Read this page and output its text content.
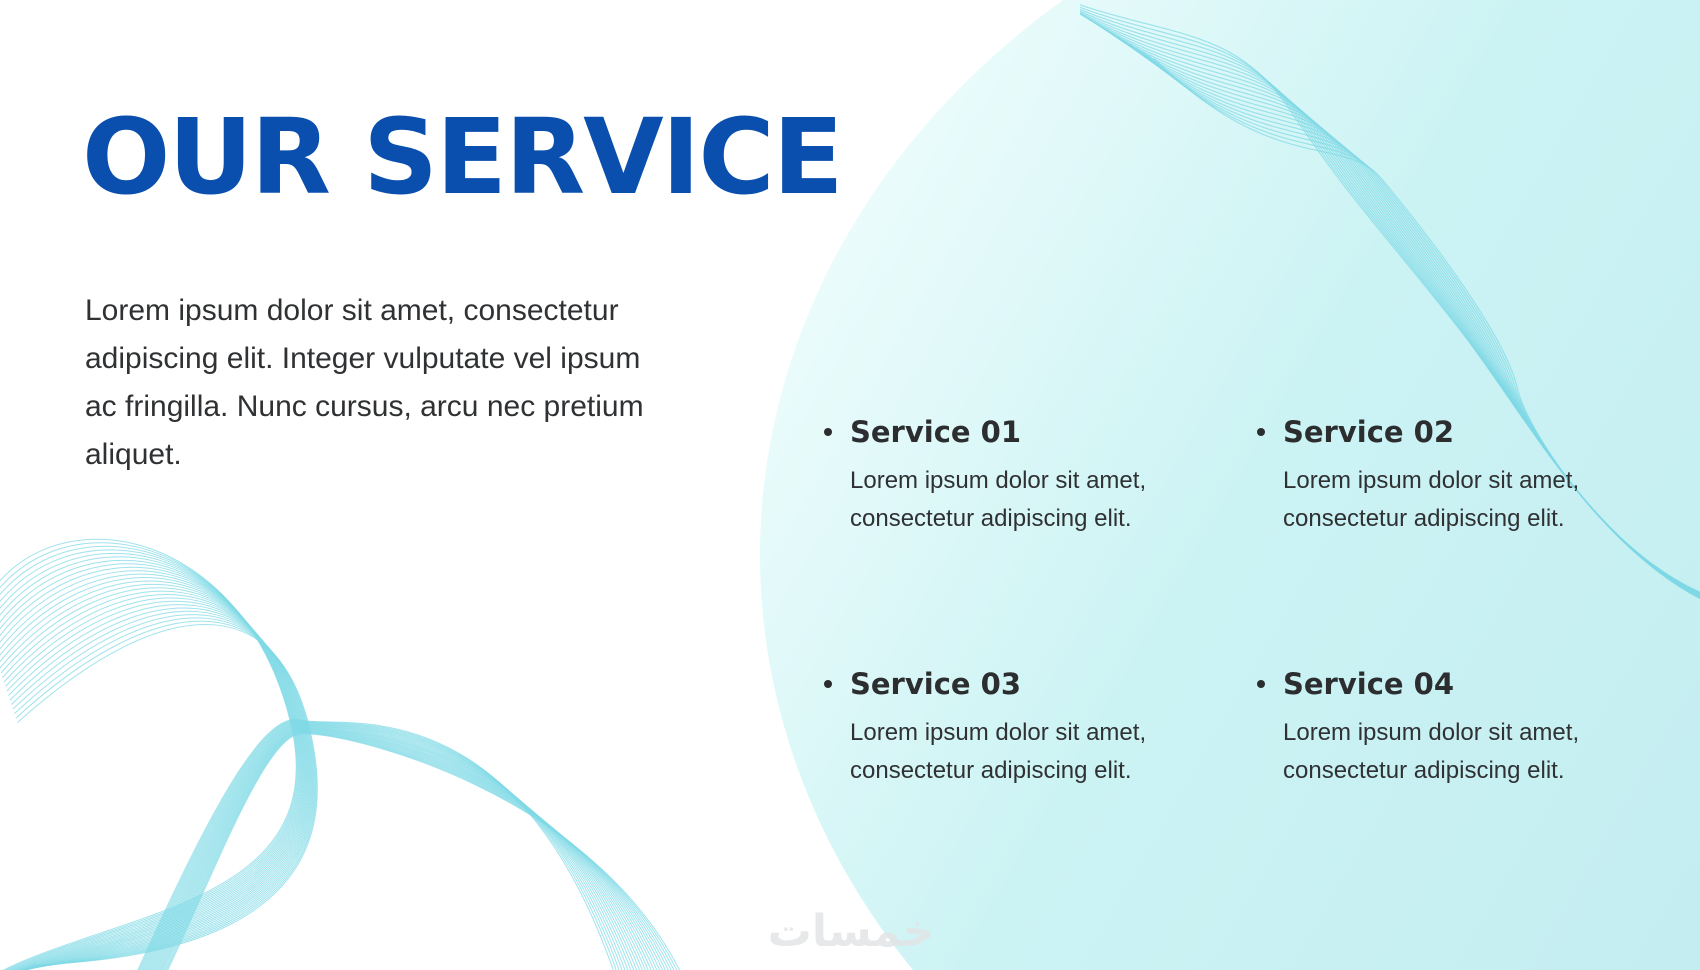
OUR SERVICE

Lorem ipsum dolor sit amet, consectetur adipiscing elit. Integer vulputate vel ipsum ac fringilla. Nunc cursus, arcu nec pretium aliquet.

Service 01

Lorem ipsum dolor sit amet, consectetur adipiscing elit.

Service 02

Lorem ipsum dolor sit amet, consectetur adipiscing elit.

Service 03

Lorem ipsum dolor sit amet, consectetur adipiscing elit.

Service 04

Lorem ipsum dolor sit amet, consectetur adipiscing elit.

خمسات
